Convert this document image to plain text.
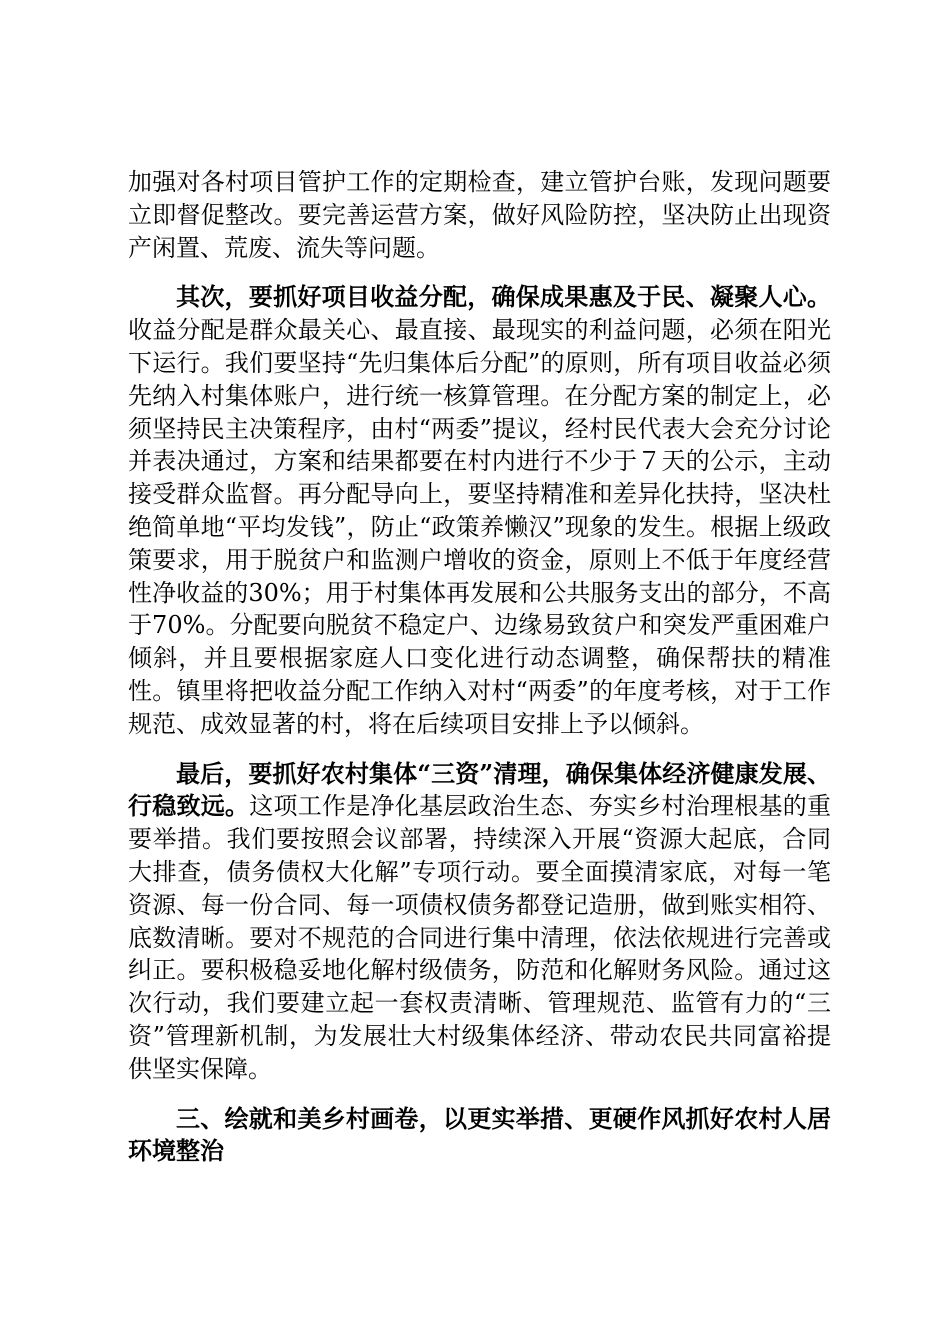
加强对各村项目管护工作的定期检查，建立管护台账，发现问题要立即督促整改。要完善运营方案，做好风险防控，坚决防止出现资产闲置、荒废、流失等问题。

其次，要抓好项目收益分配，确保成果惠及于民、凝聚人心。收益分配是群众最关心、最直接、最现实的利益问题，必须在阳光下运行。我们要坚持“先归集体后分配”的原则，所有项目收益必须先纳入村集体账户，进行统一核算管理。在分配方案的制定上，必须坚持民主决策程序，由村“两委”提议，经村民代表大会充分讨论并表决通过，方案和结果都要在村内进行不少于７天的公示，主动接受群众监督。再分配导向上，要坚持精准和差异化扶持，坚决杜绝简单地“平均发钱”，防止“政策养懒汉”现象的发生。根据上级政策要求，用于脱贫户和监测户增收的资金，原则上不低于年度经营性净收益的30%；用于村集体再发展和公共服务支出的部分，不高于70%。分配要向脱贫不稳定户、边缘易致贫户和突发严重困难户倾斜，并且要根据家庭人口变化进行动态调整，确保帮扶的精准性。镇里将把收益分配工作纳入对村“两委”的年度考核，对于工作规范、成效显著的村，将在后续项目安排上予以倾斜。

最后，要抓好农村集体“三资”清理，确保集体经济健康发展、行稳致远。这项工作是净化基层政治生态、夯实乡村治理根基的重要举措。我们要按照会议部署，持续深入开展“资源大起底，合同大排查，债务债权大化解”专项行动。要全面摸清家底，对每一笔资源、每一份合同、每一项债权债务都登记造册，做到账实相符、底数清晰。要对不规范的合同进行集中清理，依法依规进行完善或纠正。要积极稳妥地化解村级债务，防范和化解财务风险。通过这次行动，我们要建立起一套权责清晰、管理规范、监管有力的“三资”管理新机制，为发展壮大村级集体经济、带动农民共同富裕提供坚实保障。

三、绘就和美乡村画卷，以更实举措、更硬作风抓好农村人居环境整治
